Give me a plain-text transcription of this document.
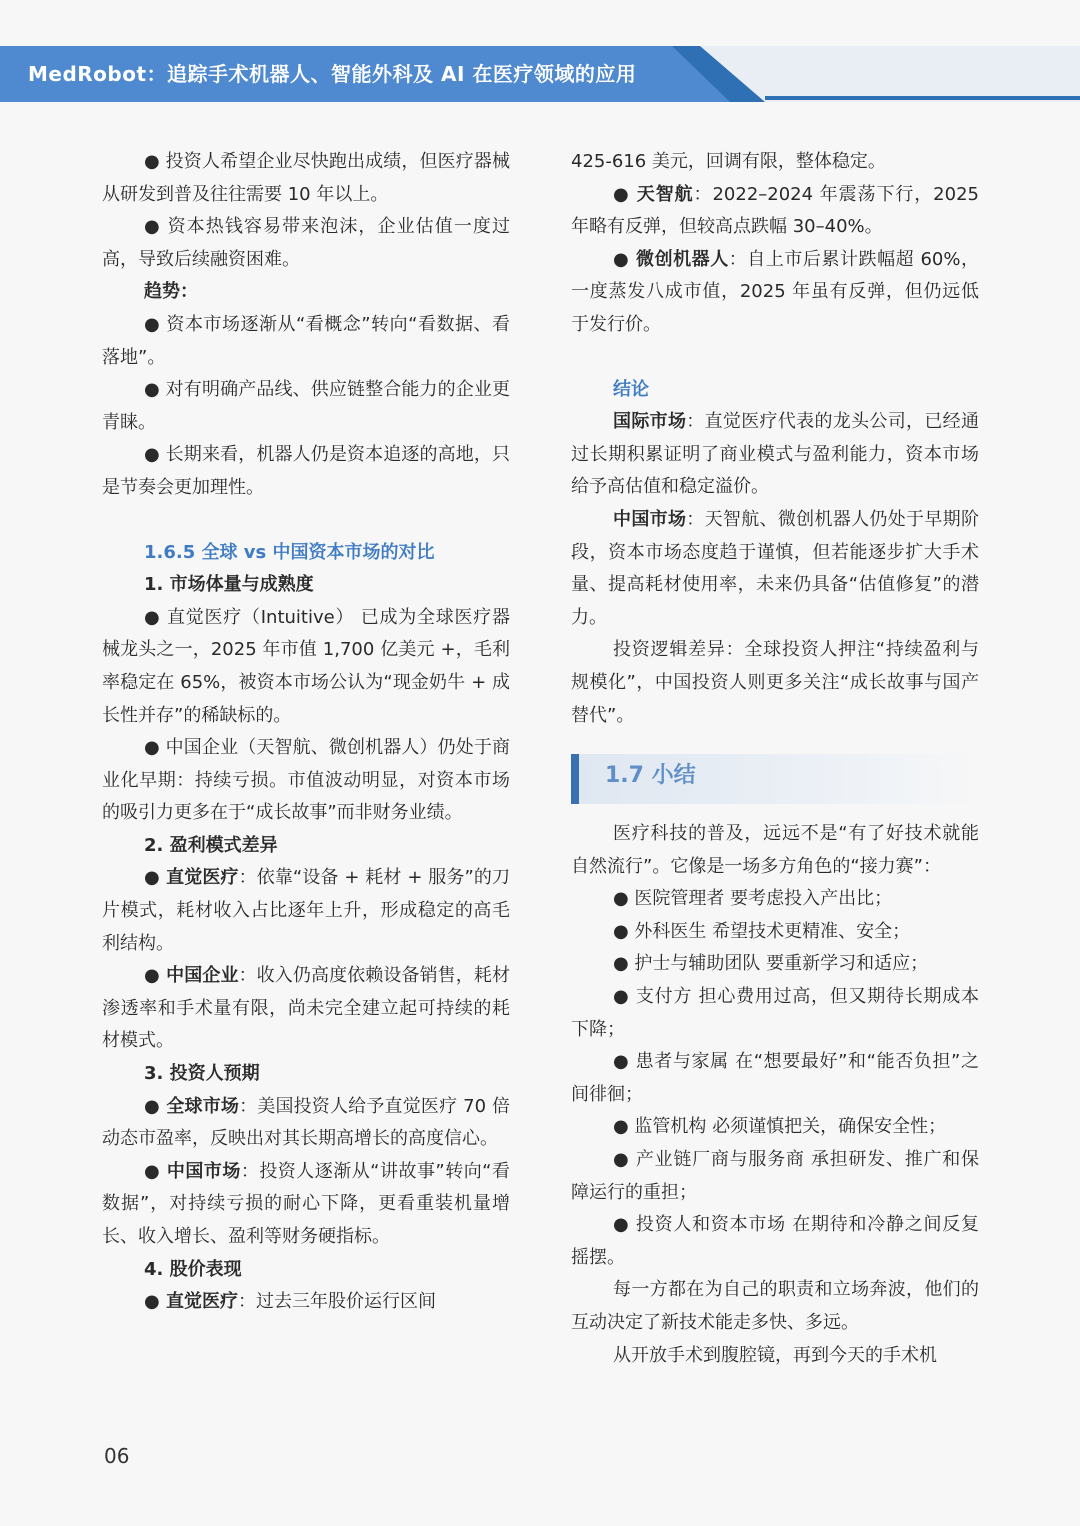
MedRobot：追踪手术机器人、智能外科及 AI 在医疗领域的应用

● 投资人希望企业尽快跑出成绩，但医疗器械从研发到普及往往需要 10 年以上。

● 资本热钱容易带来泡沫，企业估值一度过高，导致后续融资困难。

趋势：

● 资本市场逐渐从“看概念”转向“看数据、看落地”。

● 对有明确产品线、供应链整合能力的企业更青睐。

● 长期来看，机器人仍是资本追逐的高地，只是节奏会更加理性。

1.6.5 全球 vs 中国资本市场的对比

1. 市场体量与成熟度

● 直觉医疗（Intuitive） 已成为全球医疗器械龙头之一，2025 年市值 1,700 亿美元 +，毛利率稳定在 65%，被资本市场公认为“现金奶牛 + 成长性并存”的稀缺标的。

● 中国企业（天智航、微创机器人）仍处于商业化早期：持续亏损。市值波动明显，对资本市场的吸引力更多在于“成长故事”而非财务业绩。

2. 盈利模式差异

● 直觉医疗：依靠“设备 + 耗材 + 服务”的刀片模式，耗材收入占比逐年上升，形成稳定的高毛利结构。

● 中国企业：收入仍高度依赖设备销售，耗材渗透率和手术量有限，尚未完全建立起可持续的耗材模式。

3. 投资人预期

● 全球市场：美国投资人给予直觉医疗 70 倍动态市盈率，反映出对其长期高增长的高度信心。

● 中国市场：投资人逐渐从“讲故事”转向“看数据”，对持续亏损的耐心下降，更看重装机量增长、收入增长、盈利等财务硬指标。

4. 股价表现

● 直觉医疗：过去三年股价运行区间

425-616 美元，回调有限，整体稳定。

● 天智航：2022–2024 年震荡下行，2025 年略有反弹，但较高点跌幅 30–40%。

● 微创机器人：自上市后累计跌幅超 60%，一度蒸发八成市值，2025 年虽有反弹，但仍远低于发行价。

结论

国际市场：直觉医疗代表的龙头公司，已经通过长期积累证明了商业模式与盈利能力，资本市场给予高估值和稳定溢价。

中国市场：天智航、微创机器人仍处于早期阶段，资本市场态度趋于谨慎，但若能逐步扩大手术量、提高耗材使用率，未来仍具备“估值修复”的潜力。

投资逻辑差异：全球投资人押注“持续盈利与规模化”，中国投资人则更多关注“成长故事与国产替代”。

1.7 小结

医疗科技的普及，远远不是“有了好技术就能自然流行”。它像是一场多方角色的“接力赛”：

● 医院管理者 要考虑投入产出比；

● 外科医生 希望技术更精准、安全；

● 护士与辅助团队 要重新学习和适应；

● 支付方 担心费用过高，但又期待长期成本下降；

● 患者与家属 在“想要最好”和“能否负担”之间徘徊；

● 监管机构 必须谨慎把关，确保安全性；

● 产业链厂商与服务商 承担研发、推广和保障运行的重担；

● 投资人和资本市场 在期待和冷静之间反复摇摆。

每一方都在为自己的职责和立场奔波，他们的互动决定了新技术能走多快、多远。

从开放手术到腹腔镜，再到今天的手术机

06
